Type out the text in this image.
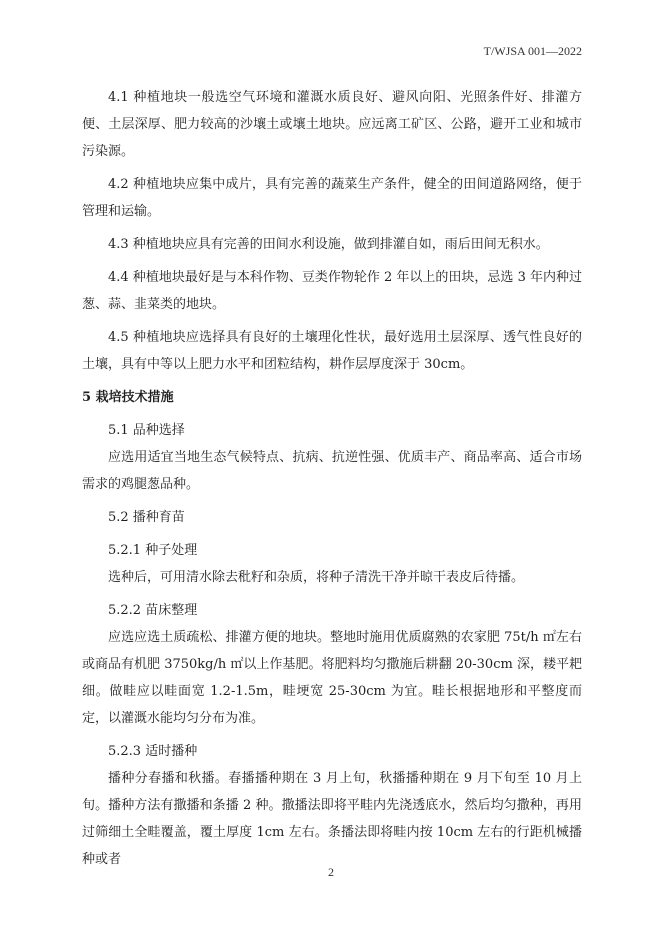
T/WJSA 001—2022

4.1 种植地块一般选空气环境和灌溉水质良好、避风向阳、光照条件好、排灌方便、土层深厚、肥力较高的沙壤土或壤土地块。应远离工矿区、公路，避开工业和城市污染源。

4.2 种植地块应集中成片，具有完善的蔬菜生产条件，健全的田间道路网络，便于管理和运输。

4.3 种植地块应具有完善的田间水利设施，做到排灌自如，雨后田间无积水。

4.4 种植地块最好是与本科作物、豆类作物轮作 2 年以上的田块，忌选 3 年内种过葱、蒜、韭菜类的地块。

4.5 种植地块应选择具有良好的土壤理化性状，最好选用土层深厚、透气性良好的土壤，具有中等以上肥力水平和团粒结构，耕作层厚度深于 30cm。

5 栽培技术措施

5.1 品种选择

应选用适宜当地生态气候特点、抗病、抗逆性强、优质丰产、商品率高、适合市场需求的鸡腿葱品种。

5.2 播种育苗

5.2.1 种子处理

选种后，可用清水除去秕籽和杂质，将种子清洗干净并晾干表皮后待播。

5.2.2 苗床整理

应选应选土质疏松、排灌方便的地块。整地时施用优质腐熟的农家肥 75t/h ㎡左右或商品有机肥 3750kg/h ㎡以上作基肥。将肥料均匀撒施后耕翻 20-30cm 深，耧平耙细。做畦应以畦面宽 1.2-1.5m，畦埂宽 25-30cm 为宜。畦长根据地形和平整度而定，以灌溉水能均匀分布为准。

5.2.3 适时播种

播种分春播和秋播。春播播种期在 3 月上旬，秋播播种期在 9 月下旬至 10 月上旬。播种方法有撒播和条播 2 种。撒播法即将平畦内先浇透底水，然后均匀撒种，再用过筛细土全畦覆盖，覆土厚度 1cm 左右。条播法即将畦内按 10cm 左右的行距机械播种或者

2
